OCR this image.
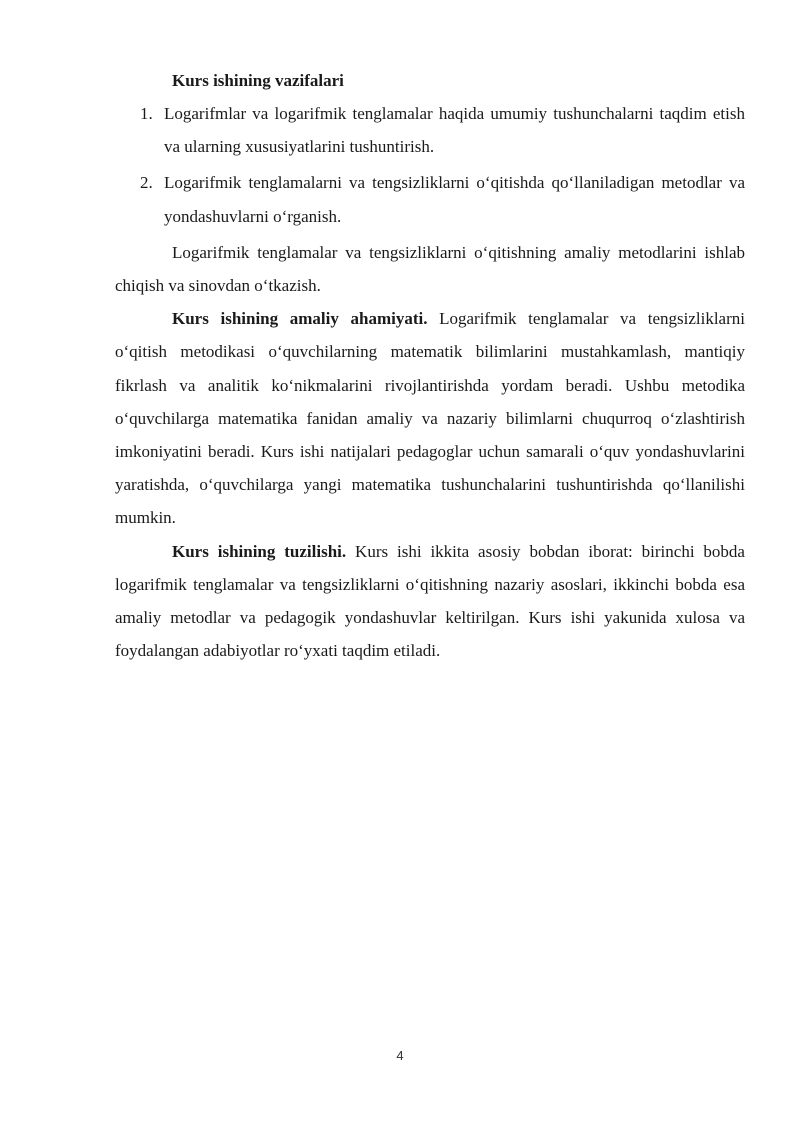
Kurs ishining vazifalari

1. Logarifmlar va logarifmik tenglamalar haqida umumiy tushunchalarni taqdim etish va ularning xususiyatlarini tushuntirish.

2. Logarifmik tenglamalarni va tengsizliklarni o‘qitishda qo‘llaniladigan metodlar va yondashuvlarni o‘rganish.

Logarifmik tenglamalar va tengsizliklarni o‘qitishning amaliy metodlarini ishlab chiqish va sinovdan o‘tkazish.

Kurs ishining amaliy ahamiyati. Logarifmik tenglamalar va tengsizliklarni o‘qitish metodikasi o‘quvchilarning matematik bilimlarini mustahkamlash, mantiqiy fikrlash va analitik ko‘nikmalarini rivojlantirishda yordam beradi. Ushbu metodika o‘quvchilarga matematika fanidan amaliy va nazariy bilimlarni chuqurroq o‘zlashtirish imkoniyatini beradi. Kurs ishi natijalari pedagoglar uchun samarali o‘quv yondashuvlarini yaratishda, o‘quvchilarga yangi matematika tushunchalarini tushuntirishda qo‘llanilishi mumkin.

Kurs ishining tuzilishi. Kurs ishi ikkita asosiy bobdan iborat: birinchi bobda logarifmik tenglamalar va tengsizliklarni o‘qitishning nazariy asoslari, ikkinchi bobda esa amaliy metodlar va pedagogik yondashuvlar keltirilgan. Kurs ishi yakunida xulosa va foydalangan adabiyotlar ro‘yxati taqdim etiladi.

4
